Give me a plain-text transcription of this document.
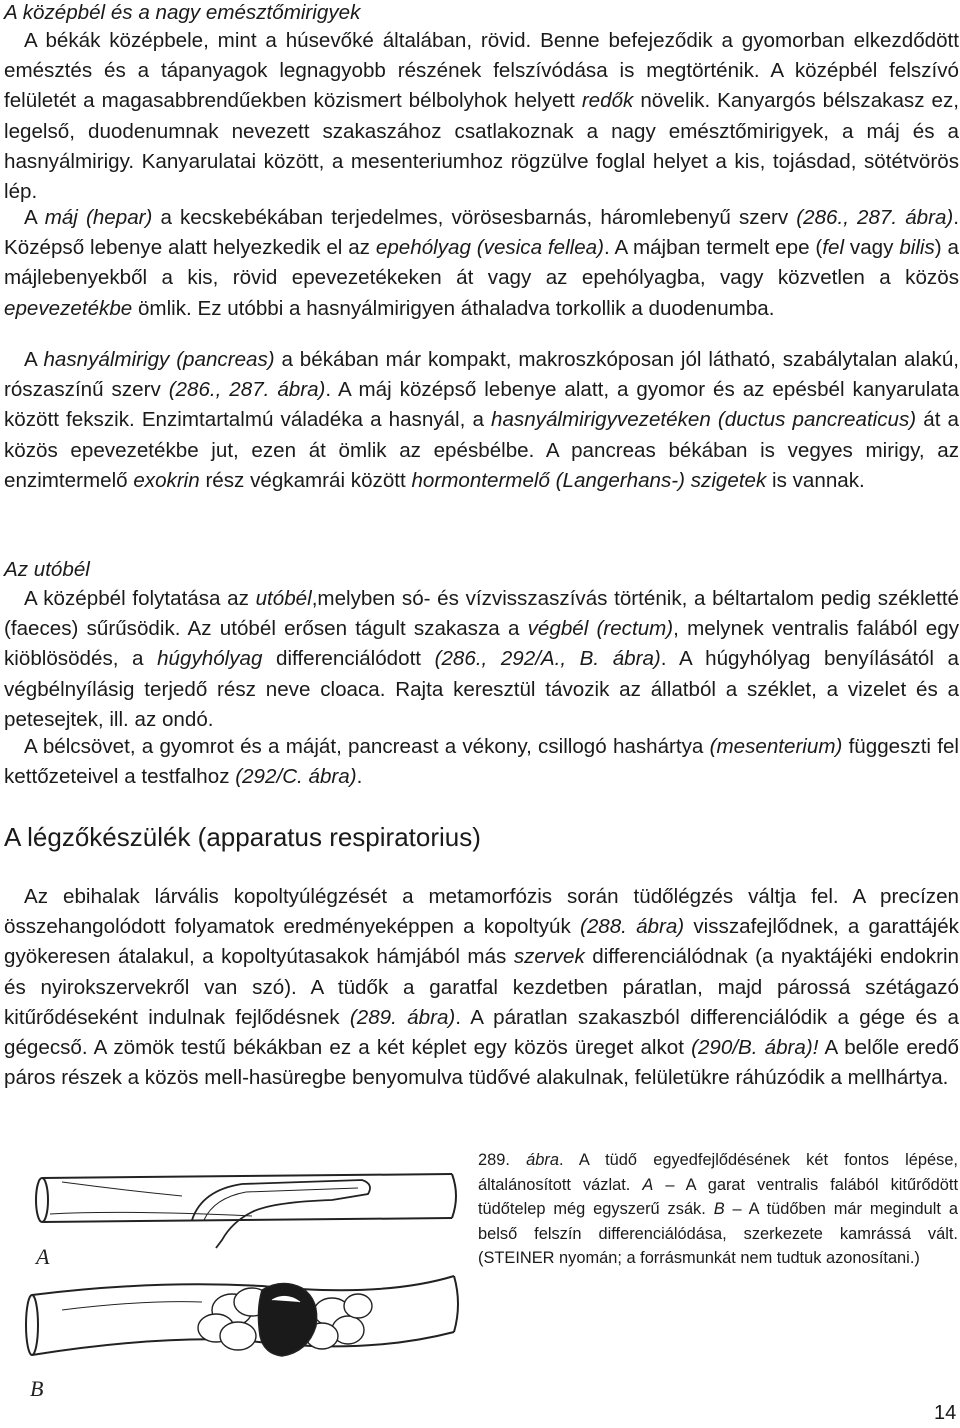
A középbél és a nagy emésztőmirigyek

A békák középbele, mint a húsevőké általában, rövid. Benne befejeződik a gyomorban elkezdődött emésztés és a tápanyagok legnagyobb részének felszívódása is megtörténik. A középbél felszívó felületét a magasabbrendűekben közismert bélbolyhok helyett redők növelik. Kanyargós bélszakasz ez, legelső, duodenumnak nevezett szakaszához csatlakoznak a nagy emésztőmirigyek, a máj és a hasnyálmirigy. Kanyarulatai között, a mesenteriumhoz rögzülve foglal helyet a kis, tojásdad, sötétvörös lép.

A máj (hepar) a kecskebékában terjedelmes, vörösesbarnás, háromlebenyű szerv (286., 287. ábra). Középső lebenye alatt helyezkedik el az epehólyag (vesica fellea). A májban termelt epe (fel vagy bilis) a májlebenyekből a kis, rövid epevezetékeken át vagy az epehólyagba, vagy közvetlen a közös epevezetékbe ömlik. Ez utóbbi a hasnyálmirigyen áthaladva torkollik a duodenumba.

A hasnyálmirigy (pancreas) a békában már kompakt, makroszkóposan jól látható, szabálytalan alakú, rószaszínű szerv (286., 287. ábra). A máj középső lebenye alatt, a gyomor és az epésbél kanyarulata között fekszik. Enzimtartalmú váladéka a hasnyál, a hasnyálmirigyvezetéken (ductus pancreaticus) át a közös epevezetékbe jut, ezen át ömlik az epésbélbe. A pancreas békában is vegyes mirigy, az enzimtermelő exokrin rész végkamrái között hormontermelő (Langerhans-) szigetek is vannak.

Az utóbél

A középbél folytatása az utóbél,melyben só- és vízvisszaszívás történik, a béltartalom pedig székletté (faeces) sűrűsödik. Az utóbél erősen tágult szakasza a végbél (rectum), melynek ventralis falából egy kiöblösödés, a húgyhólyag differenciálódott (286., 292/A., B. ábra). A húgyhólyag benyílásától a végbélnyílásig terjedő rész neve cloaca. Rajta keresztül távozik az állatból a széklet, a vizelet és a petesejtek, ill. az ondó.

A bélcsövet, a gyomrot és a máját, pancreast a vékony, csillogó hashártya (mesenterium) függeszti fel kettőzeteivel a testfalhoz (292/C. ábra).

A légzőkészülék (apparatus respiratorius)

Az ebihalak lárvális kopoltyúlégzését a metamorfózis során tüdőlégzés váltja fel. A precízen összehangolódott folyamatok eredményeképpen a kopoltyúk (288. ábra) visszafejlődnek, a garattájék gyökeresen átalakul, a kopoltyútasakok hámjából más szervek differenciálódnak (a nyaktájéki endokrin és nyirokszervekről van szó). A tüdők a garatfal kezdetben páratlan, majd párossá szétágazó kitűrődéseként indulnak fejlődésnek (289. ábra). A páratlan szakaszból differenciálódik a gége és a gégecső. A zömök testű békákban ez a két képlet egy közös üreget alkot (290/B. ábra)! A belőle eredő páros részek a közös mell-hasüregbe benyomulva tüdővé alakulnak, felületükre ráhúzódik a mellhártya.

A
B

289. ábra. A tüdő egyedfejlődésének két fontos lépése, általánosított vázlat. A – A garat ventralis falából kitűrődött tüdőtelep még egyszerű zsák. B – A tüdőben már megindult a belső felszín differenciálódása, szerkezete kamrássá vált. (STEINER nyomán; a forrásmunkát nem tudtuk azonosítani.)

14
